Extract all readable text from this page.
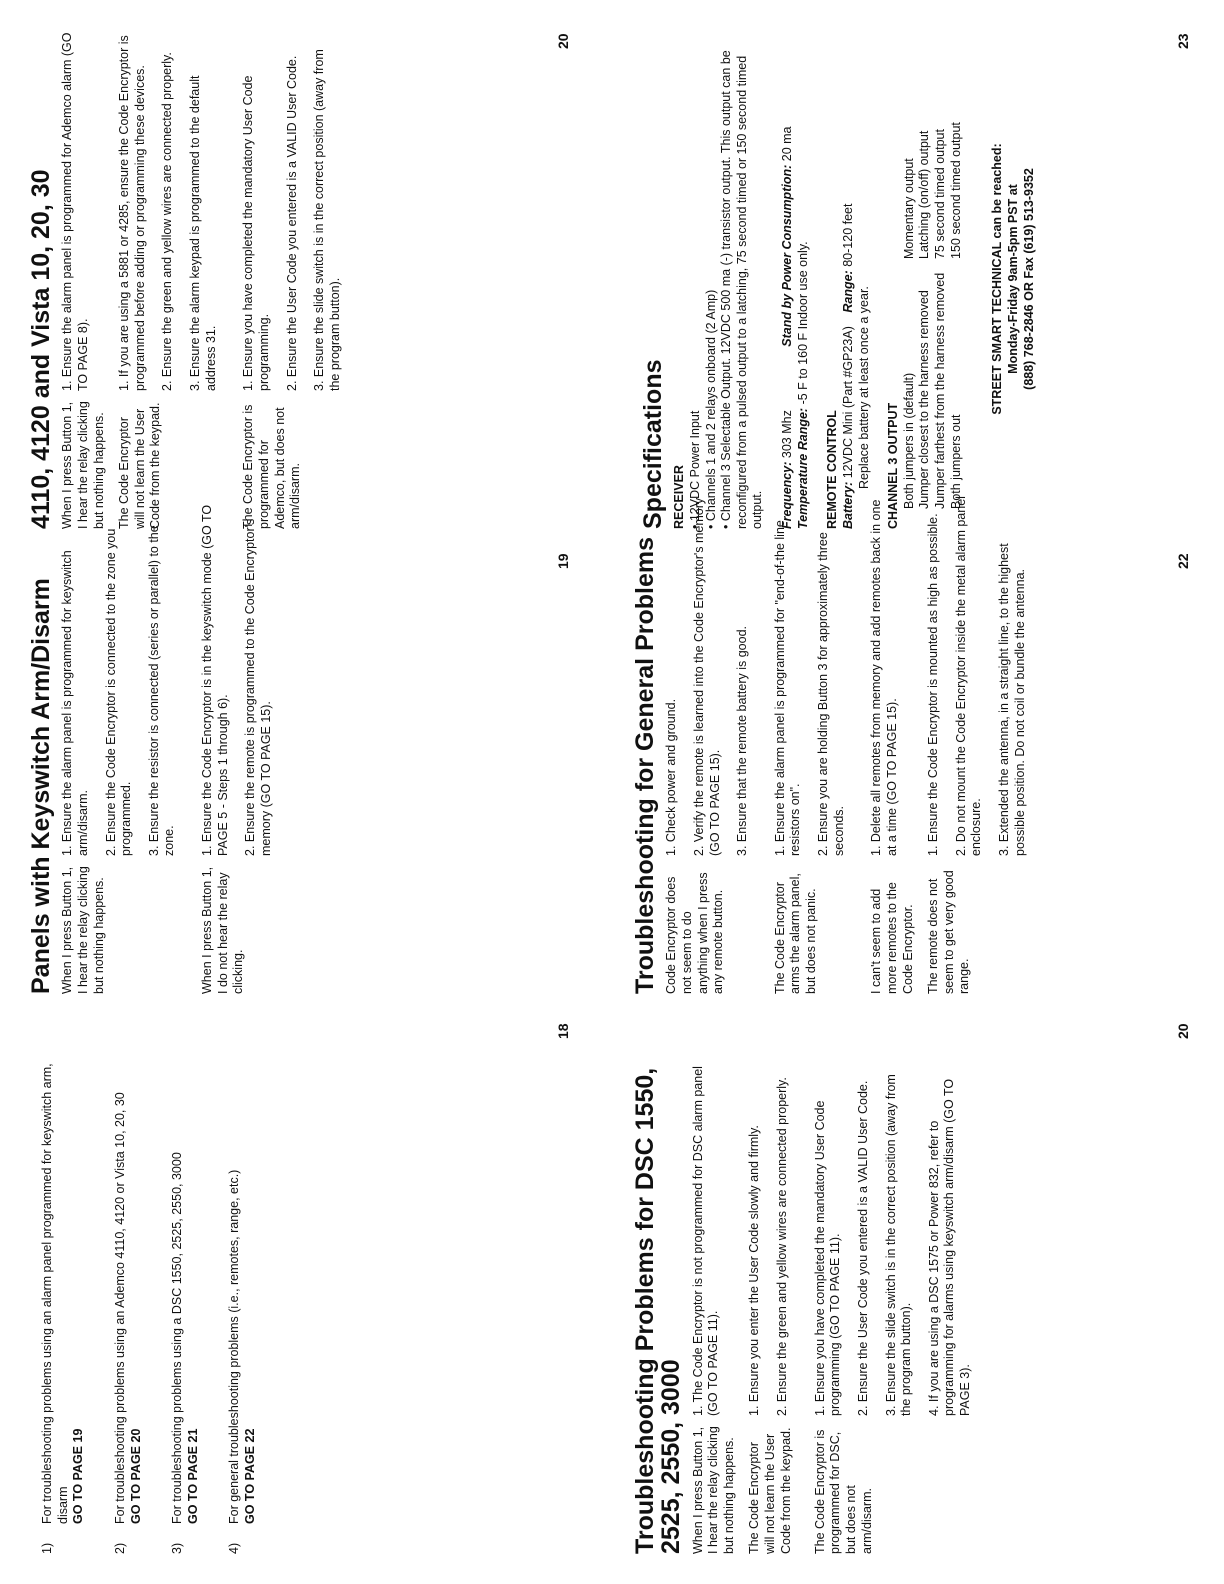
1)
For troubleshooting problems using an alarm panel programmed for keyswitch arm, disarm GO TO PAGE 19
2)
For troubleshooting problems using an Ademco 4110, 4120 or Vista 10, 20, 30 GO TO PAGE 20
3)
For troubleshooting problems using a DSC 1550, 2525, 2550, 3000 GO TO PAGE 21
4)
For general troubleshooting problems (i.e., remotes, range, etc.) GO TO PAGE 22
18
Panels with Keyswitch Arm/Disarm When I press Button 1, I hear the relay clicking but nothing happens.
1. Ensure the alarm panel is programmed for keyswitch arm/disarm. 2. Ensure the Code Encryptor is connected to the zone you programmed. 3. Ensure the resistor is connected (series or parallel) to the zone.
When I press Button 1, I do not hear the relay clicking.
1. Ensure the Code Encryptor is in the keyswitch mode (GO TO PAGE 5 - Steps 1 through 6). 2. Ensure the remote is programmed to the Code Encryptor's memory (GO TO PAGE 15).
19
4110, 4120 and Vista 10, 20, 30 When I press Button 1, I hear the relay clicking but nothing happens.
1. Ensure the alarm panel is programmed for Ademco alarm (GO TO PAGE 8).
The Code Encryptor will not learn the User Code from the keypad.
1. If you are using a 5881 or 4285, ensure the Code Encryptor is programmed before adding or programming these devices. 2. Ensure the green and yellow wires are connected properly. 3. Ensure the alarm keypad is programmed to the default address 31.
The Code Encryptor is programmed for Ademco, but does not arm/disarm.
1. Ensure you have completed the mandatory User Code programming. 2. Ensure the User Code you entered is a VALID User Code. 3. Ensure the slide switch is in the correct position (away from the program button).
20
Troubleshooting Problems for DSC 1550, 2525, 2550, 3000 When I press Button 1, I hear the relay clicking but nothing happens.
1. The Code Encryptor is not programmed for DSC alarm panel (GO TO PAGE 11).
The Code Encryptor will not learn the User Code from the keypad.
1. Ensure you enter the User Code slowly and firmly. 2. Ensure the green and yellow wires are connected properly.
The Code Encryptor is programmed for DSC, but does not arm/disarm.
1. Ensure you have completed the mandatory User Code programming (GO TO PAGE 11). 2. Ensure the User Code you entered is a VALID User Code. 3. Ensure the slide switch is in the correct position (away from the program button). 4. If you are using a DSC 1575 or Power 832, refer to programming for alarms using keyswitch arm/disarm (GO TO PAGE 3).
20
Troubleshooting for General Problems Code Encryptor does not seem to do anything when I press any remote button.
1. Check power and ground. 2. Verify the remote is learned into the Code Encryptor's memory (GO TO PAGE 15). 3. Ensure that the remote battery is good.
The Code Encryptor arms the alarm panel, but does not panic.
1. Ensure the alarm panel is programmed for "end-of-the line resistors on". 2. Ensure you are holding Button 3 for approximately three seconds.
I can't seem to add more remotes to the Code Encryptor.
1. Delete all remotes from memory and add remotes back in one at a time (GO TO PAGE 15).
The remote does not seem to get very good range.
1. Ensure the Code Encryptor is mounted as high as possible. 2. Do not mount the Code Encryptor inside the metal alarm panel enclosure. 3. Extended the antenna, in a straight line, to the highest possible position. Do not coil or bundle the antenna.
22
Specifications RECEIVER • 12VDC Power Input • Channels 1 and 2 relays onboard (2 Amp) • Channel 3 Selectable Output. 12VDC 500 ma (-) transistor output. This output can be reconfigured from a pulsed output to a latching, 75 second timed or 150 second timed output. Frequency: 303 Mhz Stand by Power Consumption: 20 ma
Temperature Range: -5 F to 160 F Indoor use only.
REMOTE CONTROL Battery: 12VDC Mini (Part #GP23A) Range: 80-120 feet
Replace battery at least once a year. CHANNEL 3 OUTPUT Both jumpers in (default)
Momentary output
Jumper closest to the harness removed
Latching (on/off) output
Jumper farthest from the harness removed
75 second timed output
Both jumpers out
150 second timed output STREET SMART TECHNICAL can be reached: Monday-Friday 9am-5pm PST at (888) 768-2846 OR Fax (619) 513-9352
23
